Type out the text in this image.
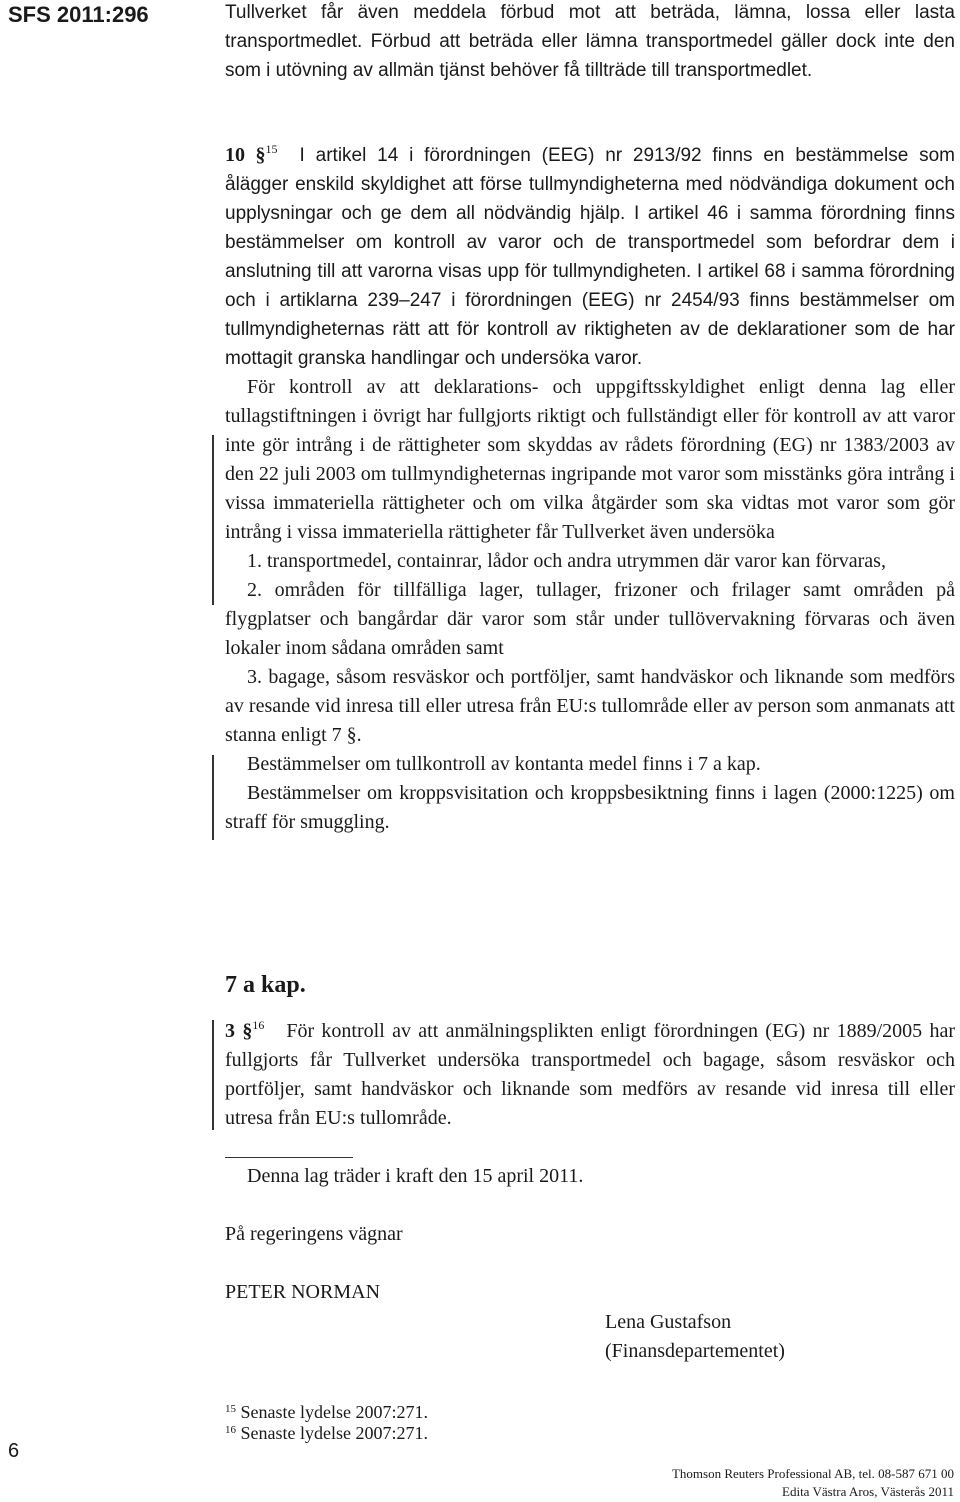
SFS 2011:296	Tullverket får även meddela förbud mot att beträda, lämna, lossa eller lasta transportmedlet. Förbud att beträda eller lämna transportmedel gäller dock inte den som i utövning av allmän tjänst behöver få tillträde till transportmedlet.

10 §$^{15}$ I artikel 14 i förordningen (EEG) nr 2913/92 finns en bestämmelse som ålägger enskild skyldighet att förse tullmyndigheterna med nödvändiga dokument och upplysningar och ge dem all nödvändig hjälp. I artikel 46 i samma förordning finns bestämmelser om kontroll av varor och de transportmedel som befordrar dem i anslutning till att varorna visas upp för tullmyndigheten. I artikel 68 i samma förordning och i artiklarna 239–247 i förordningen (EEG) nr 2454/93 finns bestämmelser om tullmyndigheternas rätt att för kontroll av riktigheten av de deklarationer som de har mottagit granska handlingar och undersöka varor.

För kontroll av att deklarations- och uppgiftsskyldighet enligt denna lag eller tullagstiftningen i övrigt har fullgjorts riktigt och fullständigt eller för kontroll av att varor inte gör intrång i de rättigheter som skyddas av rådets förordning (EG) nr 1383/2003 av den 22 juli 2003 om tullmyndigheternas ingripande mot varor som misstänks göra intrång i vissa immateriella rättigheter och om vilka åtgärder som ska vidtas mot varor som gör intrång i vissa immateriella rättigheter får Tullverket även undersöka

1. transportmedel, containrar, lådor och andra utrymmen där varor kan förvaras,

2. områden för tillfälliga lager, tullager, frizoner och frilager samt områden på flygplatser och bangårdar där varor som står under tullövervakning förvaras och även lokaler inom sådana områden samt

3. bagage, såsom resväskor och portföljer, samt handväskor och liknande som medförs av resande vid inresa till eller utresa från EU:s tullområde eller av person som anmanats att stanna enligt 7 §.

Bestämmelser om tullkontroll av kontanta medel finns i 7 a kap.

Bestämmelser om kroppsvisitation och kroppsbesiktning finns i lagen (2000:1225) om straff för smuggling.

7 a kap.

3 §$^{16}$ För kontroll av att anmälningsplikten enligt förordningen (EG) nr 1889/2005 har fullgjorts får Tullverket undersöka transportmedel och bagage, såsom resväskor och portföljer, samt handväskor och liknande som medförs av resande vid inresa till eller utresa från EU:s tullområde.

Denna lag träder i kraft den 15 april 2011.

På regeringens vägnar

PETER NORMAN

Lena Gustafson

(Finansdepartementet)

6
$^{15}$ Senaste lydelse 2007:271.
$^{16}$ Senaste lydelse 2007:271.
Thomson Reuters Professional AB, tel. 08-587 671 00
Edita Västra Aros, Västerås 2011
